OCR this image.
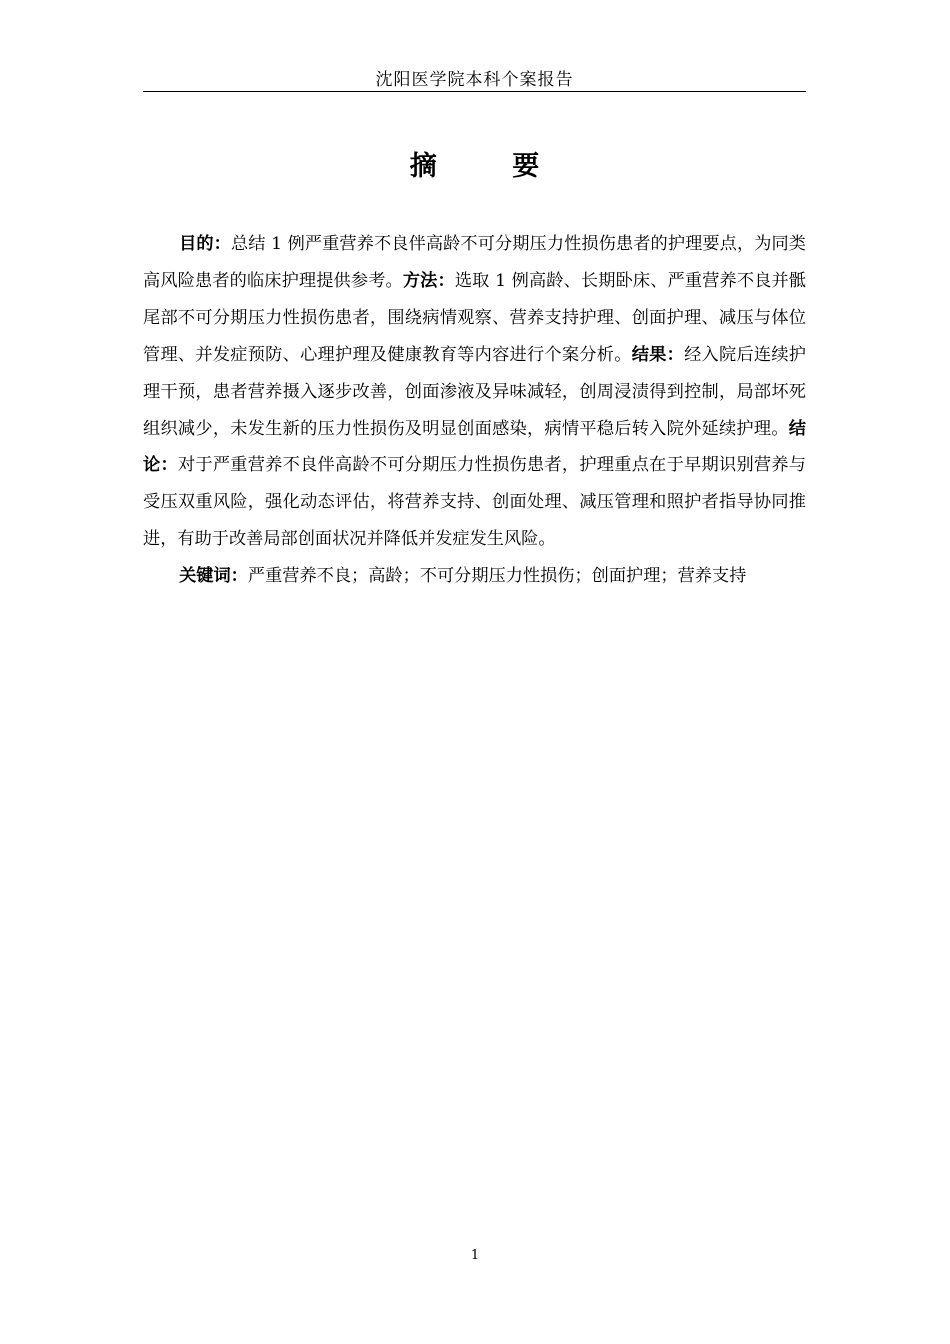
沈阳医学院本科个案报告
摘 要

目的：总结 1 例严重营养不良伴高龄不可分期压力性损伤患者的护理要点，为同类高风险患者的临床护理提供参考。方法：选取 1 例高龄、长期卧床、严重营养不良并骶尾部不可分期压力性损伤患者，围绕病情观察、营养支持护理、创面护理、减压与体位管理、并发症预防、心理护理及健康教育等内容进行个案分析。结果：经入院后连续护理干预，患者营养摄入逐步改善，创面渗液及异味减轻，创周浸渍得到控制，局部坏死组织减少，未发生新的压力性损伤及明显创面感染，病情平稳后转入院外延续护理。结论：对于严重营养不良伴高龄不可分期压力性损伤患者，护理重点在于早期识别营养与受压双重风险，强化动态评估，将营养支持、创面处理、减压管理和照护者指导协同推进，有助于改善局部创面状况并降低并发症发生风险。

关键词：严重营养不良；高龄；不可分期压力性损伤；创面护理；营养支持

1
